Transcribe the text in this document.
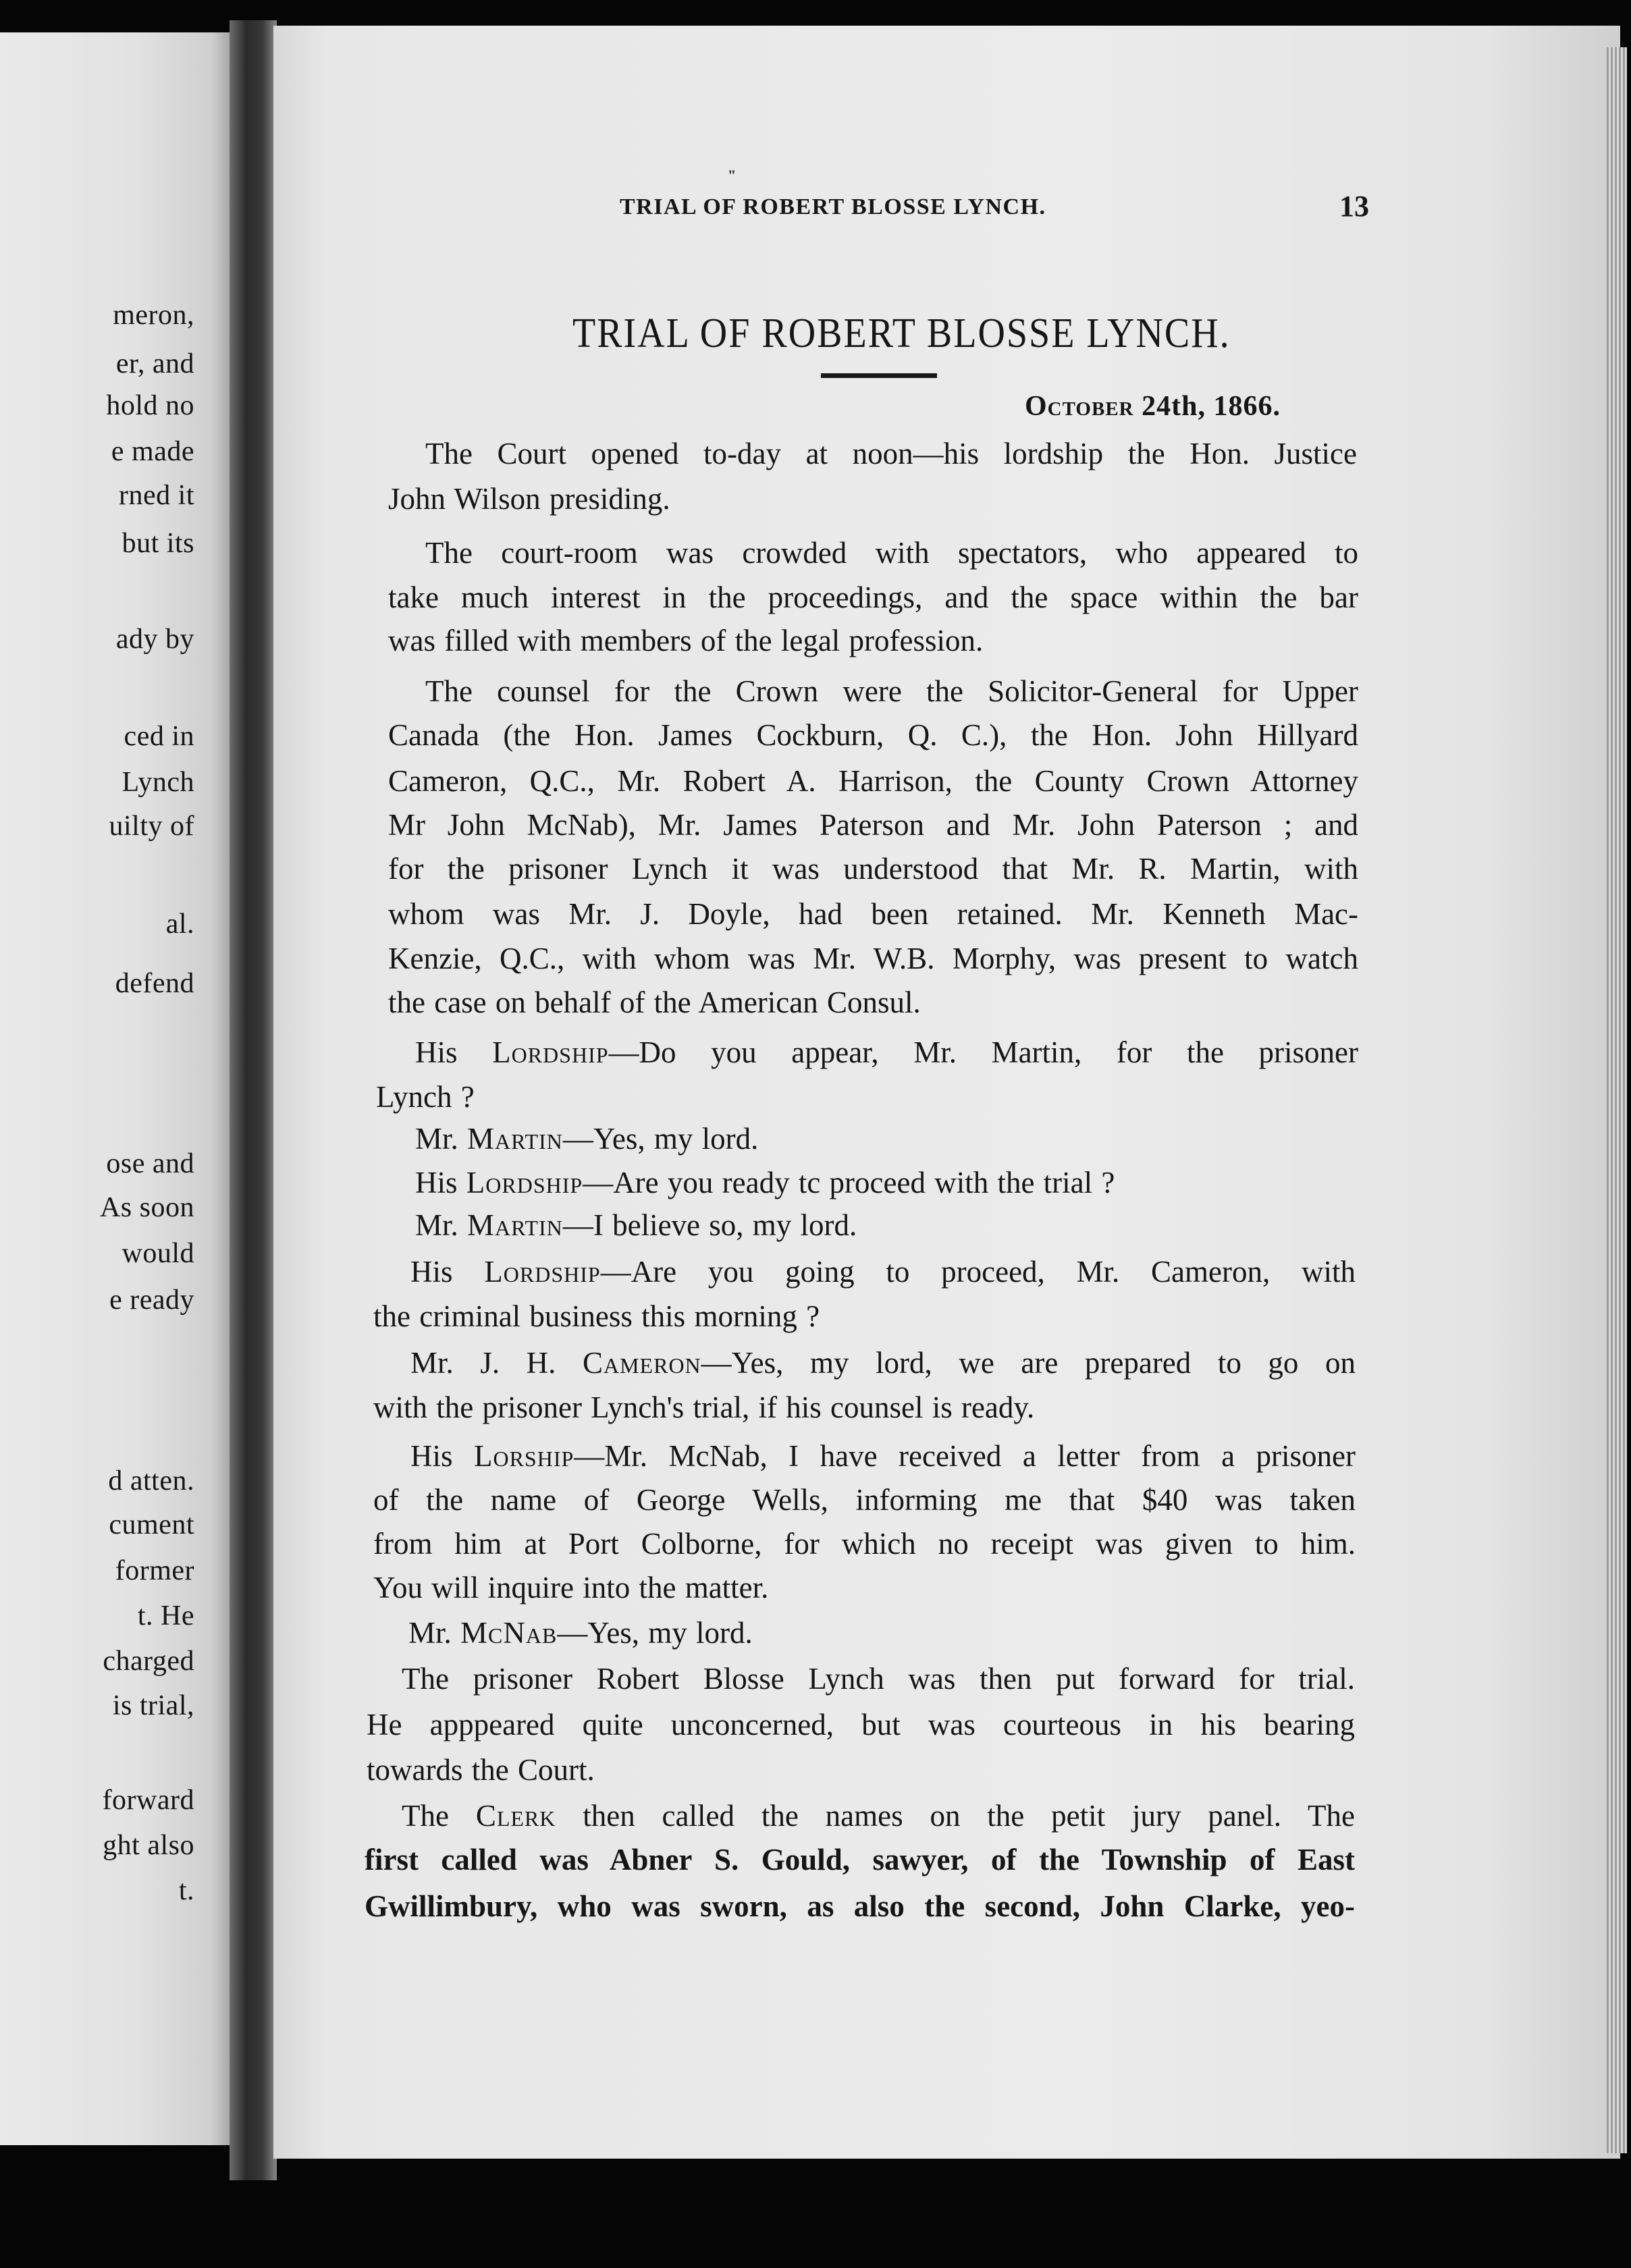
meron,
er, and
hold no
e made
rned it
but its
ady by
ced in
Lynch
uilty of
al.
defend
ose and
As soon
would
e ready
d atten.
cument
former
t. He
charged
is trial,
forward
ght also
t.

"
TRIAL OF ROBERT BLOSSE LYNCH.	13
TRIAL OF ROBERT BLOSSE LYNCH.
October 24th, 1866.
The Court opened to-day at noon—his lordship the Hon. Justice
John Wilson presiding.
The court-room was crowded with spectators, who appeared to
take much interest in the proceedings, and the space within the bar
was filled with members of the legal profession.
The counsel for the Crown were the Solicitor-General for Upper
Canada (the Hon. James Cockburn, Q. C.), the Hon. John Hillyard
Cameron, Q.C., Mr. Robert A. Harrison, the County Crown Attorney
Mr John McNab), Mr. James Paterson and Mr. John Paterson ; and
for the prisoner Lynch it was understood that Mr. R. Martin, with
whom was Mr. J. Doyle, had been retained. Mr. Kenneth Mac-
Kenzie, Q.C., with whom was Mr. W.B. Morphy, was present to watch
the case on behalf of the American Consul.
His Lordship—Do you appear, Mr. Martin, for the prisoner
Lynch ?
Mr. Martin—Yes, my lord.
His Lordship—Are you ready tc proceed with the trial ?
Mr. Martin—I believe so, my lord.
His Lordship—Are you going to proceed, Mr. Cameron, with
the criminal business this morning ?
Mr. J. H. Cameron—Yes, my lord, we are prepared to go on
with the prisoner Lynch's trial, if his counsel is ready.
His Lorship—Mr. McNab, I have received a letter from a prisoner
of the name of George Wells, informing me that $40 was taken
from him at Port Colborne, for which no receipt was given to him.
You will inquire into the matter.
Mr. McNab—Yes, my lord.
The prisoner Robert Blosse Lynch was then put forward for trial.
He apppeared quite unconcerned, but was courteous in his bearing
towards the Court.
The Clerk then called the names on the petit jury panel. The
first called was Abner S. Gould, sawyer, of the Township of East
Gwillimbury, who was sworn, as also the second, John Clarke, yeo-
